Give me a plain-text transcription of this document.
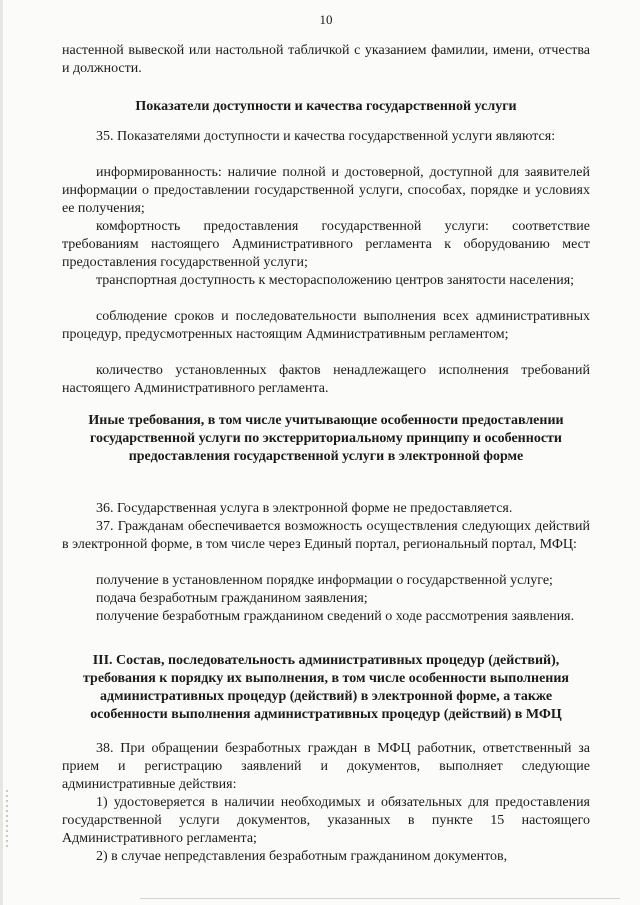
10
настенной вывеской или настольной табличкой с указанием фамилии, имени, отчества и должности.
Показатели доступности и качества государственной услуги
35. Показателями доступности и качества государственной услуги являются:
информированность: наличие полной и достоверной, доступной для заявителей информации о предоставлении государственной услуги, способах, порядке и условиях ее получения;
комфортность предоставления государственной услуги: соответствие требованиям настоящего Административного регламента к оборудованию мест предоставления государственной услуги;
транспортная доступность к месторасположению центров занятости населения;
соблюдение сроков и последовательности выполнения всех административных процедур, предусмотренных настоящим Административным регламентом;
количество установленных фактов ненадлежащего исполнения требований настоящего Административного регламента.
Иные требования, в том числе учитывающие особенности предоставлении государственной услуги по экстерриториальному принципу и особенности предоставления государственной услуги в электронной форме
36. Государственная услуга в электронной форме не предоставляется.
37. Гражданам обеспечивается возможность осуществления следующих действий в электронной форме, в том числе через Единый портал, региональный портал, МФЦ:
получение в установленном порядке информации о государственной услуге;
подача безработным гражданином заявления;
получение безработным гражданином сведений о ходе рассмотрения заявления.
III. Состав, последовательность административных процедур (действий), требования к порядку их выполнения, в том числе особенности выполнения административных процедур (действий) в электронной форме, а также особенности выполнения административных процедур (действий) в МФЦ
38. При обращении безработных граждан в МФЦ работник, ответственный за прием и регистрацию заявлений и документов, выполняет следующие административные действия:
1) удостоверяется в наличии необходимых и обязательных для предоставления государственной услуги документов, указанных в пункте 15 настоящего Административного регламента;
2) в случае непредставления безработным гражданином документов,
